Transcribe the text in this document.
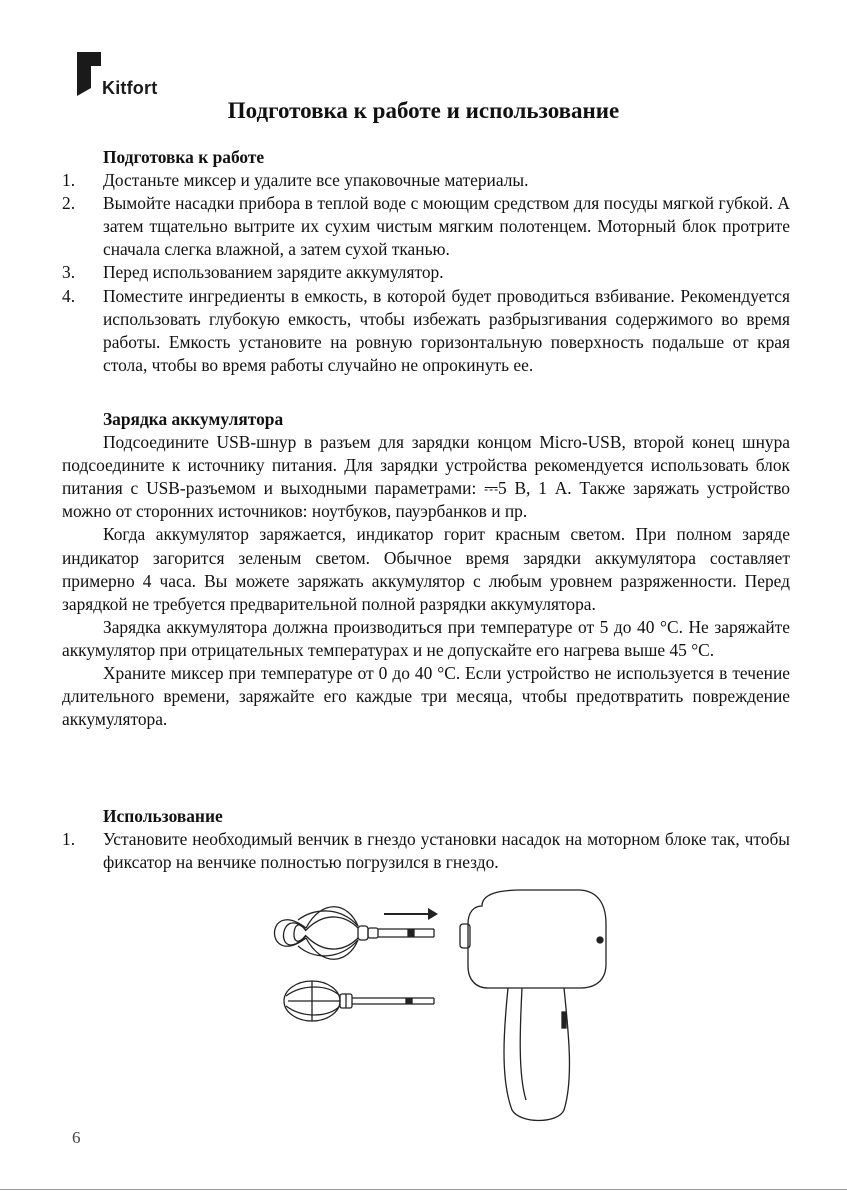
Kitfort
Подготовка к работе и использование

Подготовка к работе

1. Достаньте миксер и удалите все упаковочные материалы.
2. Вымойте насадки прибора в теплой воде с моющим средством для посуды мягкой губкой. А затем тщательно вытрите их сухим чистым мягким полотенцем. Моторный блок протрите сначала слегка влажной, а затем сухой тканью.
3. Перед использованием зарядите аккумулятор.
4. Поместите ингредиенты в емкость, в которой будет проводиться взбивание. Рекомендуется использовать глубокую емкость, чтобы избежать разбрызгивания содержимого во время работы. Емкость установите на ровную горизонтальную поверхность подальше от края стола, чтобы во время работы случайно не опрокинуть ее.

Зарядка аккумулятора

Подсоедините USB-шнур в разъем для зарядки концом Micro-USB, второй конец шнура подсоедините к источнику питания. Для зарядки устройства рекомендуется использовать блок питания с USB-разъемом и выходными параметрами: ⎓5 В, 1 А. Также заряжать устройство можно от сторонних источников: ноутбуков, пауэрбанков и пр.

Когда аккумулятор заряжается, индикатор горит красным светом. При полном заряде индикатор загорится зеленым светом. Обычное время зарядки аккумулятора составляет примерно 4 часа. Вы можете заряжать аккумулятор с любым уровнем разряженности. Перед зарядкой не требуется предварительной полной разрядки аккумулятора.

Зарядка аккумулятора должна производиться при температуре от 5 до 40 °C. Не заряжайте аккумулятор при отрицательных температурах и не допускайте его нагрева выше 45 °C.

Храните миксер при температуре от 0 до 40 °C. Если устройство не используется в течение длительного времени, заряжайте его каждые три месяца, чтобы предотвратить повреждение аккумулятора.

Использование

1. Установите необходимый венчик в гнездо установки насадок на моторном блоке так, чтобы фиксатор на венчике полностью погрузился в гнездо.
6
